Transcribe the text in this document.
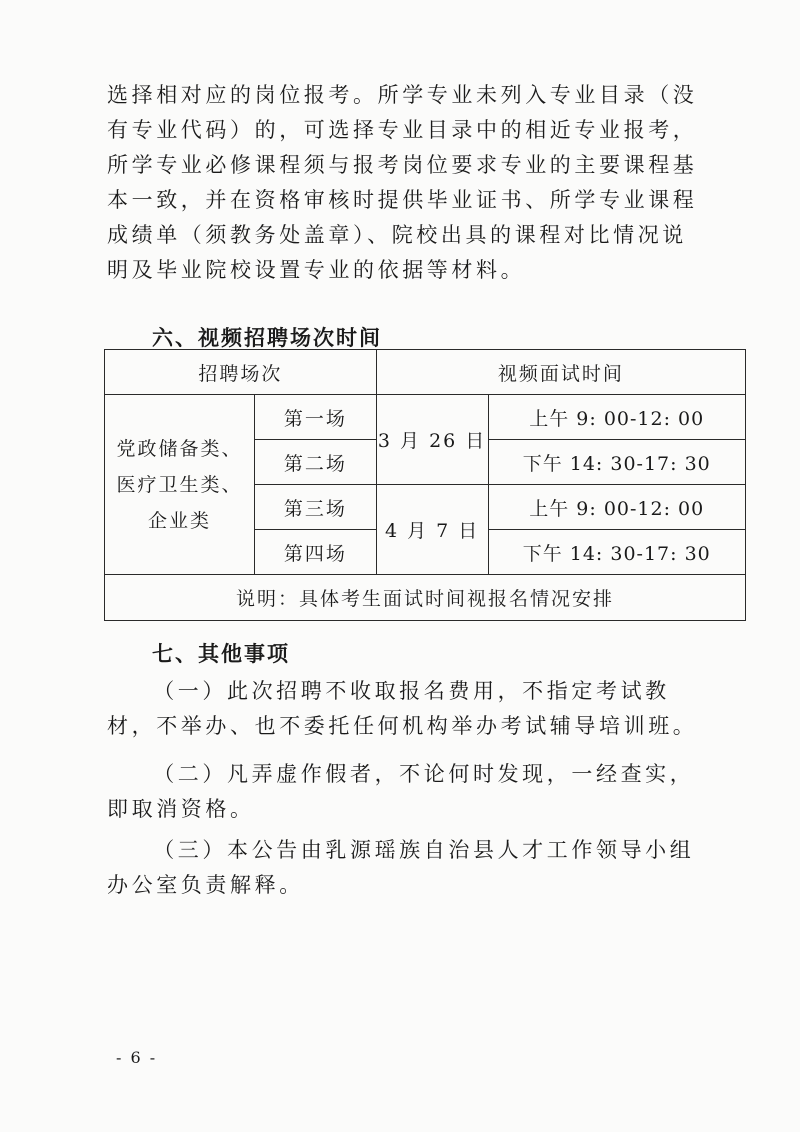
选择相对应的岗位报考。所学专业未列入专业目录（没有专业代码）的，可选择专业目录中的相近专业报考，所学专业必修课程须与报考岗位要求专业的主要课程基本一致，并在资格审核时提供毕业证书、所学专业课程成绩单（须教务处盖章）、院校出具的课程对比情况说明及毕业院校设置专业的依据等材料。

六、视频招聘场次时间
招聘场次		视频面试时间	

党政储备类、医疗卫生类、企业类	第一场	3 月 26 日	上午 9: 00-12: 00
	第二场		下午 14: 30-17: 30
	第三场	4 月 7 日	上午 9: 00-12: 00
	第四场		下午 14: 30-17: 30
说明：具体考生面试时间视报名情况安排			
七、其他事项

（一）此次招聘不收取报名费用，不指定考试教材，不举办、也不委托任何机构举办考试辅导培训班。

（二）凡弄虚作假者，不论何时发现，一经查实，即取消资格。

（三）本公告由乳源瑶族自治县人才工作领导小组办公室负责解释。

- 6 -
